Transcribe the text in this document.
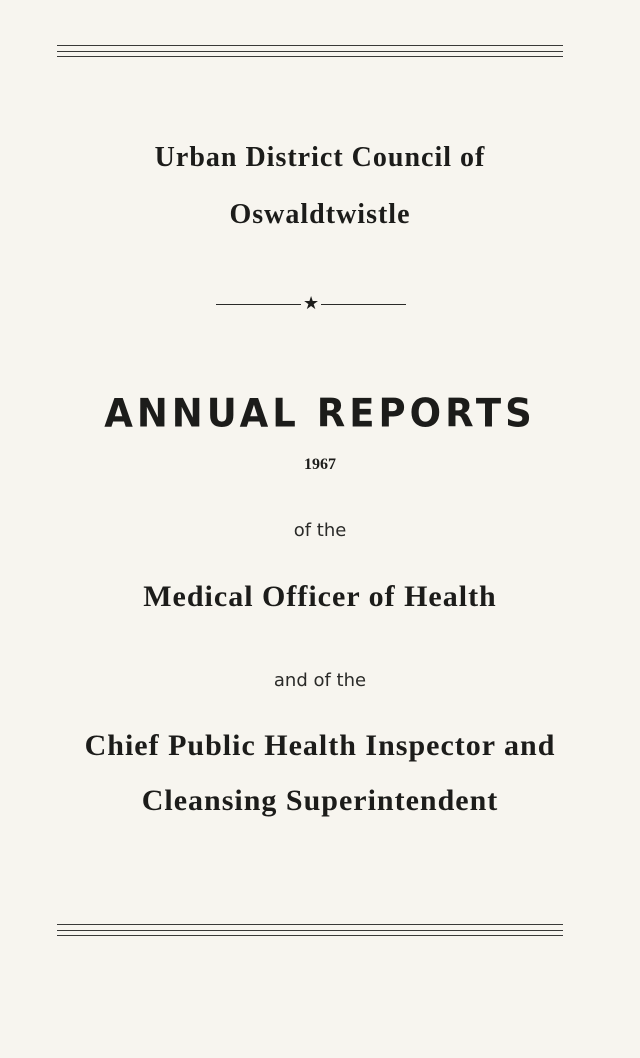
Urban District Council of
Oswaldtwistle
★
ANNUAL REPORTS
1967
of the
Medical Officer of Health
and of the
Chief Public Health Inspector and
Cleansing Superintendent
